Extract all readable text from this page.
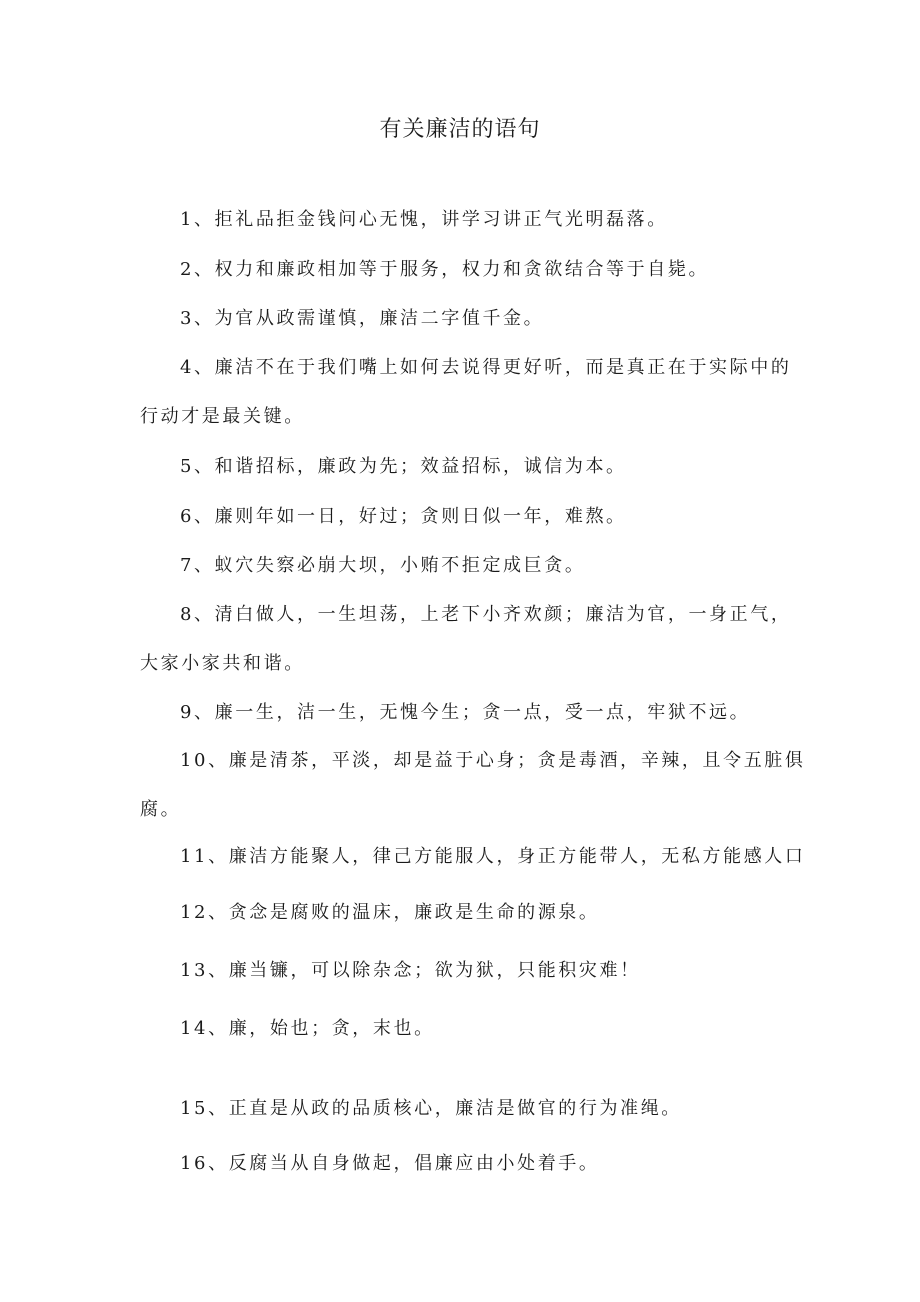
有关廉洁的语句
1、拒礼品拒金钱问心无愧，讲学习讲正气光明磊落。
2、权力和廉政相加等于服务，权力和贪欲结合等于自毙。
3、为官从政需谨慎，廉洁二字值千金。
4、廉洁不在于我们嘴上如何去说得更好听，而是真正在于实际中的
行动才是最关键。
5、和谐招标，廉政为先；效益招标，诚信为本。
6、廉则年如一日，好过；贪则日似一年，难熬。
7、蚁穴失察必崩大坝，小贿不拒定成巨贪。
8、清白做人，一生坦荡，上老下小齐欢颜；廉洁为官，一身正气，
大家小家共和谐。
9、廉一生，洁一生，无愧今生；贪一点，受一点，牢狱不远。
10、廉是清茶，平淡，却是益于心身；贪是毒酒，辛辣，且令五脏俱
腐。
11、廉洁方能聚人，律己方能服人，身正方能带人，无私方能感人口
12、贪念是腐败的温床，廉政是生命的源泉。
13、廉当镰，可以除杂念；欲为狱，只能积灾难！
14、廉，始也；贪，末也。
15、正直是从政的品质核心，廉洁是做官的行为准绳。
16、反腐当从自身做起，倡廉应由小处着手。
